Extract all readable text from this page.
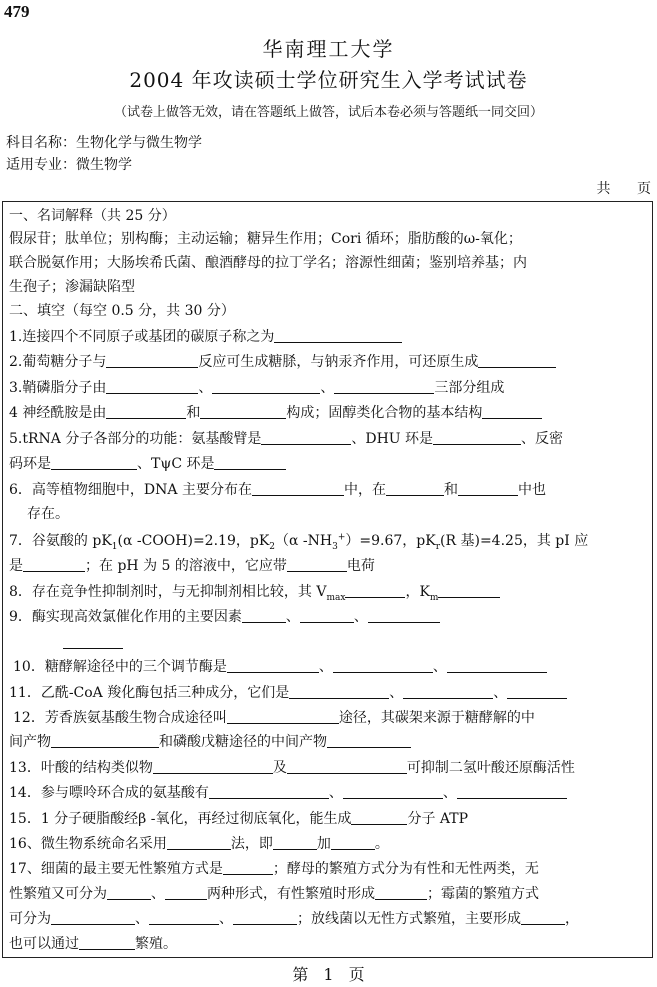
479
华南理工大学
2004 年攻读硕士学位研究生入学考试试卷
（试卷上做答无效，请在答题纸上做答，试后本卷必须与答题纸一同交回）
科目名称：生物化学与微生物学
适用专业：微生物学
共 页
一、名词解释（共 25 分）
假尿苷；肽单位；别构酶；主动运输；糖异生作用；Cori 循环；脂肪酸的ω-氧化；
联合脱氨作用；大肠埃希氏菌、酿酒酵母的拉丁学名；溶源性细菌；鉴别培养基；内
生孢子；渗漏缺陷型
二、填空（每空 0.5 分，共 30 分）
1.连接四个不同原子或基团的碳原子称之为
2.葡萄糖分子与	反应可生成糖脎，与钠汞齐作用，可还原生成
3.鞘磷脂分子由	、	、	三部分组成
4 神经酰胺是由	和	构成；固醇类化合物的基本结构
5.tRNA 分子各部分的功能：氨基酸臂是	、DHU 环是	、反密
码环是	、TψC 环是
6．高等植物细胞中，DNA 主要分布在	中，在	和	中也
存在。
7．谷氨酸的 $pK_1(\alpha$ -COOH)=2.19，$pK_2(\alpha$ $-NH_3^+)=9.67$，$pK_r(R$ 基)=4.25，其 pI 应
是	；在 pH 为 5 的溶液中，它应带	电荷
8．存在竞争性抑制剂时，与无抑制剂相比较，其 $V_{max}$	，$K_m$
9．酶实现高效氯催化作用的主要因素	、	、
10．糖酵解途径中的三个调节酶是	、	、
11．乙酰-CoA 羧化酶包括三种成分，它们是	、	、
12．芳香族氨基酸生物合成途径叫	途径，其碳架来源于糖酵解的中
间产物	和磷酸戊糖途径的中间产物
13．叶酸的结构类似物	及	可抑制二氢叶酸还原酶活性
14．参与嘌呤环合成的氨基酸有	、	、
15．1 分子硬脂酸经β -氧化，再经过彻底氧化，能生成	分子 ATP
16、微生物系统命名采用	法，即	加	。
17、细菌的最主要无性繁殖方式是	；酵母的繁殖方式分为有性和无性两类，无
性繁殖又可分为	、	两种形式，有性繁殖时形成	；霉菌的繁殖方式
可分为	、	、	；放线菌以无性方式繁殖，主要形成	，
也可以通过	繁殖。
第 1 页
